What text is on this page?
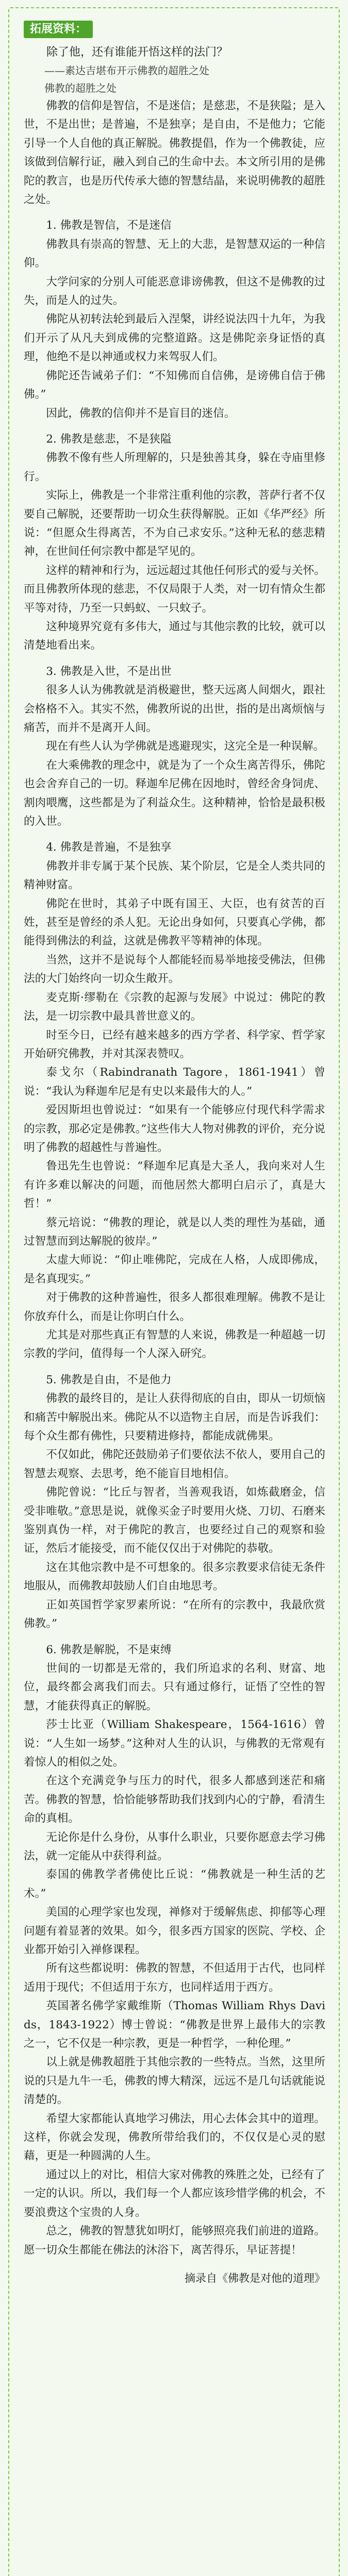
拓展资料：

除了他，还有谁能开悟这样的法门？

——素达吉堪布开示佛教的超胜之处

佛教的超胜之处

佛教的信仰是智信，不是迷信；是慈悲，不是狭隘；是入世，不是出世；是普遍，不是独享；是自由，不是他力；它能引导一个人自他的真正解脱。佛教提倡，作为一个佛教徒，应该做到信解行证，融入到自己的生命中去。本文所引用的是佛陀的教言，也是历代传承大德的智慧结晶，来说明佛教的超胜之处。

1. 佛教是智信，不是迷信

佛教具有崇高的智慧、无上的大悲，是智慧双运的一种信仰。

大学问家的分别人可能恶意诽谤佛教，但这不是佛教的过失，而是人的过失。

佛陀从初转法轮到最后入涅槃，讲经说法四十九年，为我们开示了从凡夫到成佛的完整道路。这是佛陀亲身证悟的真理，他绝不是以神通或权力来驾驭人们。

佛陀还告诫弟子们：“不知佛而自信佛，是谤佛自信于佛佛。”

因此，佛教的信仰并不是盲目的迷信。

2. 佛教是慈悲，不是狭隘

佛教不像有些人所理解的，只是独善其身，躲在寺庙里修行。

实际上，佛教是一个非常注重利他的宗教，菩萨行者不仅要自己解脱，还要帮助一切众生获得解脱。正如《华严经》所说：“但愿众生得离苦，不为自己求安乐。”这种无私的慈悲精神，在世间任何宗教中都是罕见的。

这样的精神和行为，远远超过其他任何形式的爱与关怀。而且佛教所体现的慈悲，不仅局限于人类，对一切有情众生都平等对待，乃至一只蚂蚁、一只蚊子。

这种境界究竟有多伟大，通过与其他宗教的比较，就可以清楚地看出来。

3. 佛教是入世，不是出世

很多人认为佛教就是消极避世，整天远离人间烟火，跟社会格格不入。其实不然，佛教所说的出世，指的是出离烦恼与痛苦，而并不是离开人间。

现在有些人认为学佛就是逃避现实，这完全是一种误解。

在大乘佛教的理念中，就是为了一个众生离苦得乐，佛陀也会舍弃自己的一切。释迦牟尼佛在因地时，曾经舍身饲虎、割肉喂鹰，这些都是为了利益众生。这种精神，恰恰是最积极的入世。

4. 佛教是普遍，不是独享

佛教并非专属于某个民族、某个阶层，它是全人类共同的精神财富。

佛陀在世时，其弟子中既有国王、大臣，也有贫苦的百姓，甚至是曾经的杀人犯。无论出身如何，只要真心学佛，都能得到佛法的利益，这就是佛教平等精神的体现。

当然，这并不是说每个人都能轻而易举地接受佛法，但佛法的大门始终向一切众生敞开。

麦克斯·缪勒在《宗教的起源与发展》中说过：佛陀的教法，是一切宗教中最具普世意义的。

时至今日，已经有越来越多的西方学者、科学家、哲学家开始研究佛教，并对其深表赞叹。

泰戈尔（Rabindranath Tagore，1861-1941）曾说：“我认为释迦牟尼是有史以来最伟大的人。”

爱因斯坦也曾说过：“如果有一个能够应付现代科学需求的宗教，那必定是佛教。”这些伟大人物对佛教的评价，充分说明了佛教的超越性与普遍性。

鲁迅先生也曾说：“释迦牟尼真是大圣人，我向来对人生有许多难以解决的问题，而他居然大都明白启示了，真是大哲！”

蔡元培说：“佛教的理论，就是以人类的理性为基础，通过智慧而到达解脱的彼岸。”

太虚大师说：“仰止唯佛陀，完成在人格，人成即佛成，是名真现实。”

对于佛教的这种普遍性，很多人都很难理解。佛教不是让你放弃什么，而是让你明白什么。

尤其是对那些真正有智慧的人来说，佛教是一种超越一切宗教的学问，值得每一个人深入研究。

5. 佛教是自由，不是他力

佛教的最终目的，是让人获得彻底的自由，即从一切烦恼和痛苦中解脱出来。佛陀从不以造物主自居，而是告诉我们：每个众生都有佛性，只要精进修持，都能成就佛果。

不仅如此，佛陀还鼓励弟子们要依法不依人，要用自己的智慧去观察、去思考，绝不能盲目地相信。

佛陀曾说：“比丘与智者，当善观我语，如炼截磨金，信受非唯敬。”意思是说，就像买金子时要用火烧、刀切、石磨来鉴别真伪一样，对于佛陀的教言，也要经过自己的观察和验证，然后才能接受，而不能仅仅出于对佛陀的恭敬。

这在其他宗教中是不可想象的。很多宗教要求信徒无条件地服从，而佛教却鼓励人们自由地思考。

正如英国哲学家罗素所说：“在所有的宗教中，我最欣赏佛教。”

6. 佛教是解脱，不是束缚

世间的一切都是无常的，我们所追求的名利、财富、地位，最终都会离我们而去。只有通过修行，证悟了空性的智慧，才能获得真正的解脱。

莎士比亚（William Shakespeare，1564-1616）曾说：“人生如一场梦。”这种对人生的认识，与佛教的无常观有着惊人的相似之处。

在这个充满竞争与压力的时代，很多人都感到迷茫和痛苦。佛教的智慧，恰恰能够帮助我们找到内心的宁静，看清生命的真相。

无论你是什么身份，从事什么职业，只要你愿意去学习佛法，就一定能从中获得利益。

泰国的佛教学者佛使比丘说：“佛教就是一种生活的艺术。”

美国的心理学家也发现，禅修对于缓解焦虑、抑郁等心理问题有着显著的效果。如今，很多西方国家的医院、学校、企业都开始引入禅修课程。

所有这些都说明：佛教的智慧，不但适用于古代，也同样适用于现代；不但适用于东方，也同样适用于西方。

英国著名佛学家戴维斯（Thomas William Rhys Davids，1843-1922）博士曾说：“佛教是世界上最伟大的宗教之一，它不仅是一种宗教，更是一种哲学，一种伦理。”

以上就是佛教超胜于其他宗教的一些特点。当然，这里所说的只是九牛一毛，佛教的博大精深，远远不是几句话就能说清楚的。

希望大家都能认真地学习佛法，用心去体会其中的道理。这样，你就会发现，佛教所带给我们的，不仅仅是心灵的慰藉，更是一种圆满的人生。

通过以上的对比，相信大家对佛教的殊胜之处，已经有了一定的认识。所以，我们每一个人都应该珍惜学佛的机会，不要浪费这个宝贵的人身。

总之，佛教的智慧犹如明灯，能够照亮我们前进的道路。愿一切众生都能在佛法的沐浴下，离苦得乐，早证菩提！

摘录自《佛教是对他的道理》
